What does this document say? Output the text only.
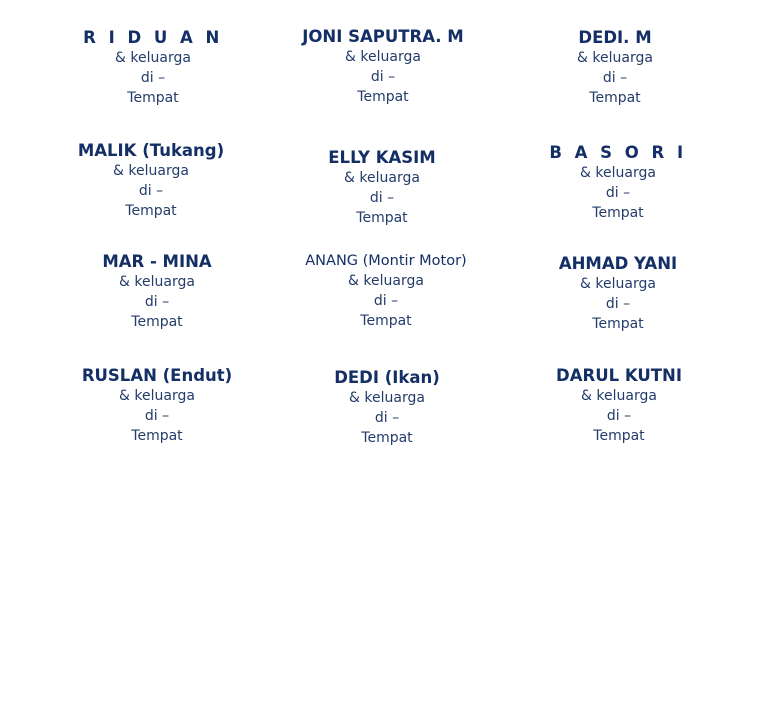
R I D U A N
& keluarga
di –
Tempat
JONI SAPUTRA. M
& keluarga
di –
Tempat
DEDI. M
& keluarga
di –
Tempat
MALIK (Tukang)
& keluarga
di –
Tempat
ELLY KASIM
& keluarga
di –
Tempat
B A S O R I
& keluarga
di –
Tempat
MAR - MINA
& keluarga
di –
Tempat
ANANG (Montir Motor)
& keluarga
di –
Tempat
AHMAD YANI
& keluarga
di –
Tempat
RUSLAN (Endut)
& keluarga
di –
Tempat
DEDI (Ikan)
& keluarga
di –
Tempat
DARUL KUTNI
& keluarga
di –
Tempat
